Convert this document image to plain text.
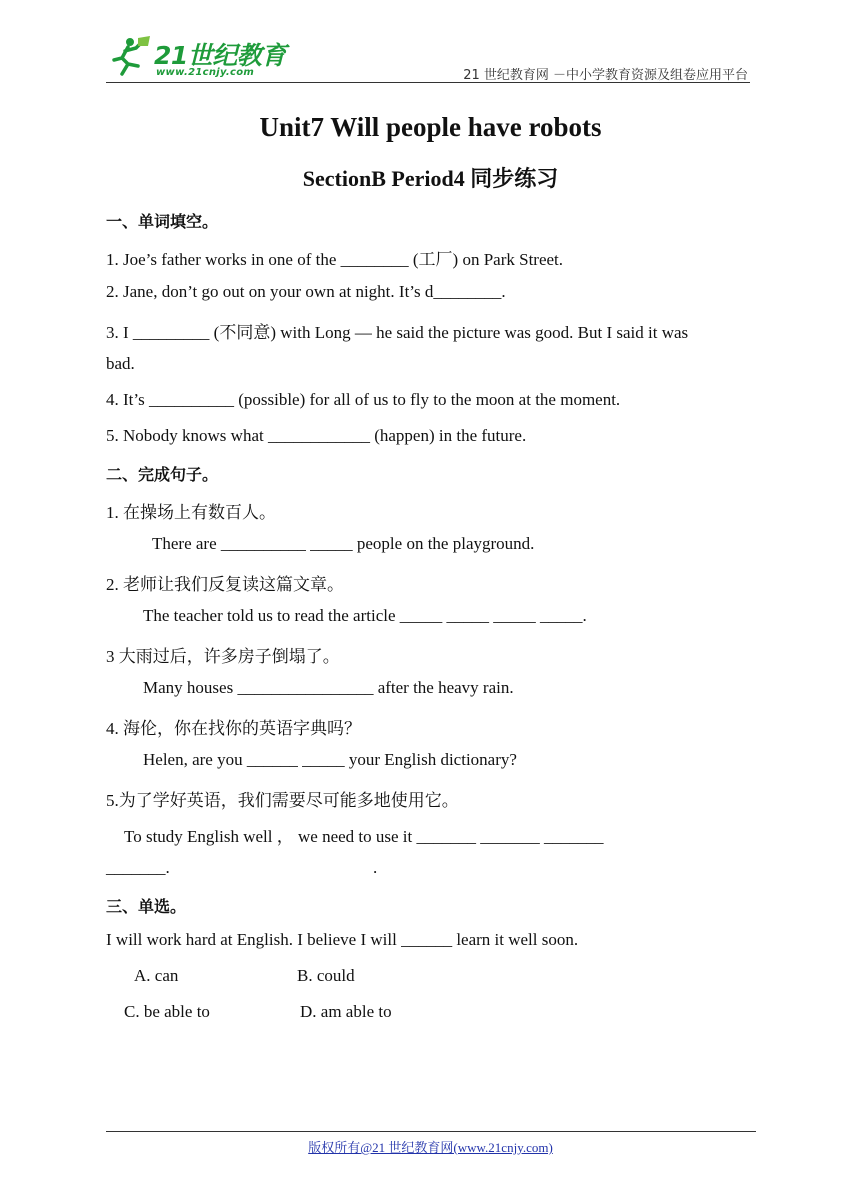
21世纪教育
www.21cnjy.com	21 世纪教育网 －中小学教育资源及组卷应用平台
Unit7 Will people have robots
SectionB Period4 同步练习
一、单词填空。
1. Joe’s father works in one of the ________ (工厂) on Park Street.
2. Jane, don’t go out on your own at night. It’s d________.
3. I _________ (不同意) with Long — he said the picture was good. But I said it was
bad.
4. It’s __________ (possible) for all of us to fly to the moon at the moment.
5. Nobody knows what ____________ (happen) in the future.
二、完成句子。
1. 在操场上有数百人。
There are __________ _____ people on the playground.
2. 老师让我们反复读这篇文章。
The teacher told us to read the article _____ _____ _____ _____.
3 大雨过后，许多房子倒塌了。
Many houses ________________ after the heavy rain.
4. 海伦，你在找你的英语字典吗？
Helen, are you ______ _____ your English dictionary?
5.为了学好英语，我们需要尽可能多地使用它。
To study English well ， we need to use it _______ _______ _______
_______.	.
三、单选。
I will work hard at English. I believe I will ______ learn it well soon.
A. can	B. could
C. be able to	D. am able to
版权所有@21 世纪教育网(www.21cnjy.com)
